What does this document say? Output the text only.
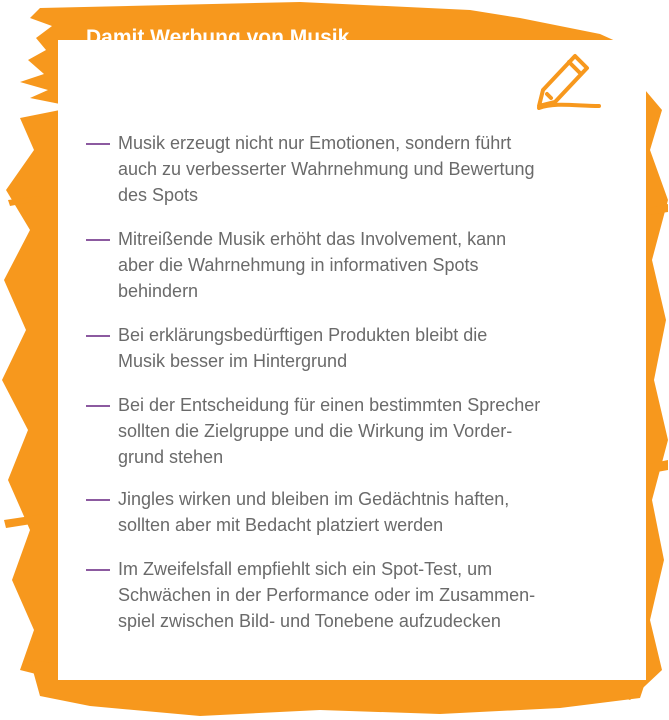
Damit Werbung von Musik
optimal profitiert
Musik erzeugt nicht nur Emotionen, sondern führt
auch zu verbesserter Wahrnehmung und Bewertung
des Spots
Mitreißende Musik erhöht das Involvement, kann
aber die Wahrnehmung in informativen Spots
behindern
Bei erklärungsbedürftigen Produkten bleibt die
Musik besser im Hintergrund
Bei der Entscheidung für einen bestimmten Sprecher
sollten die Zielgruppe und die Wirkung im Vorder-
grund stehen
Jingles wirken und bleiben im Gedächtnis haften,
sollten aber mit Bedacht platziert werden
Im Zweifelsfall empfiehlt sich ein Spot-Test, um
Schwächen in der Performance oder im Zusammen-
spiel zwischen Bild- und Tonebene aufzudecken
